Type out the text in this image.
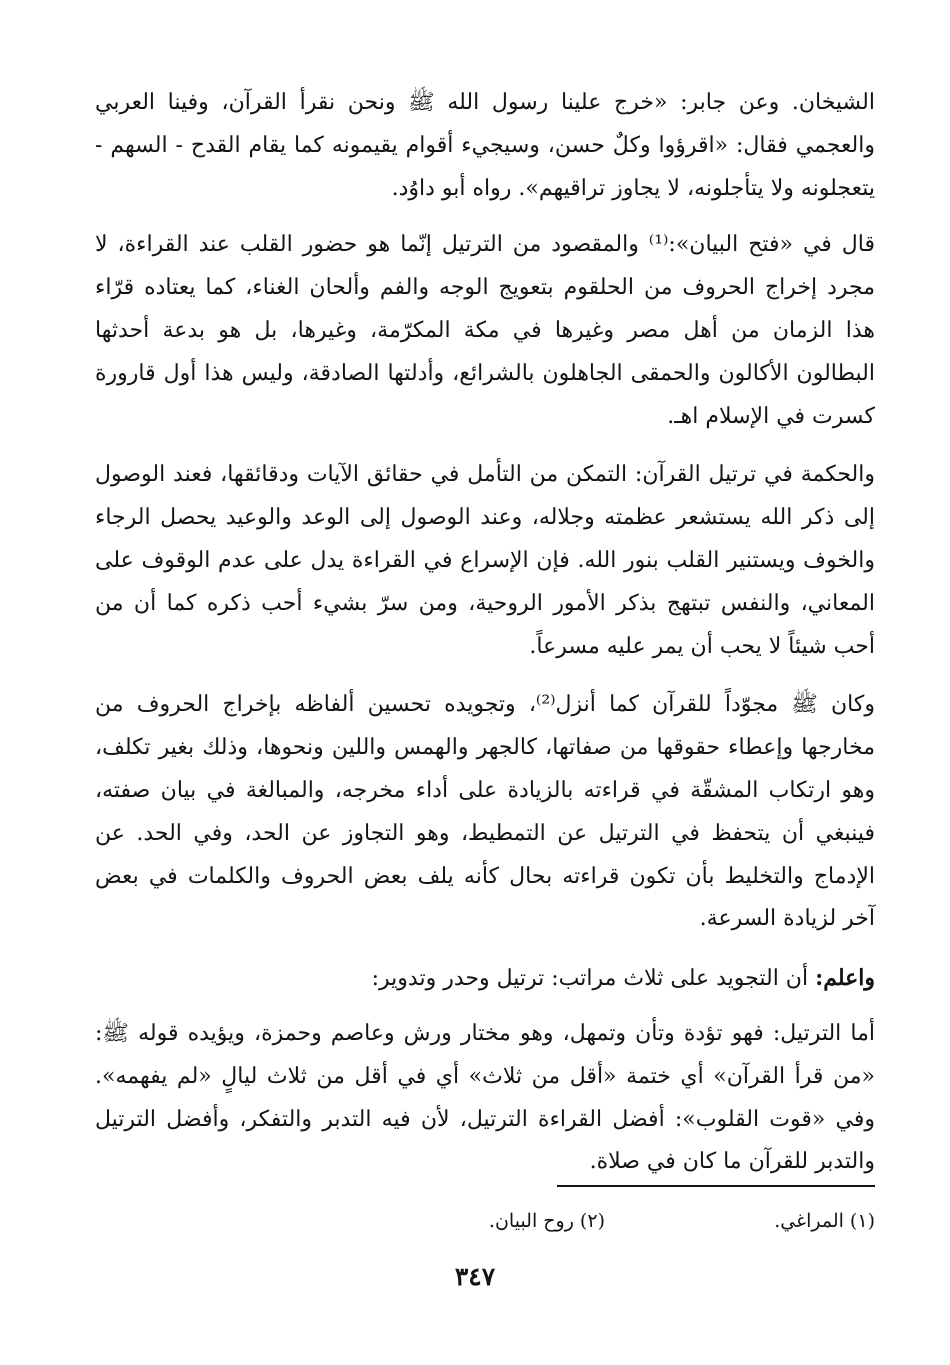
الشيخان. وعن جابر: «خرج علينا رسول الله ﷺ ونحن نقرأ القرآن، وفينا العربي والعجمي فقال: «اقرؤوا وكلٌ حسن، وسيجيء أقوام يقيمونه كما يقام القدح - السهم - يتعجلونه ولا يتأجلونه، لا يجاوز تراقيهم». رواه أبو داوُد.

قال في «فتح البيان»:⁽¹⁾ والمقصود من الترتيل إنّما هو حضور القلب عند القراءة، لا مجرد إخراج الحروف من الحلقوم بتعويج الوجه والفم وألحان الغناء، كما يعتاده قرّاء هذا الزمان من أهل مصر وغيرها في مكة المكرّمة، وغيرها، بل هو بدعة أحدثها البطالون الأكالون والحمقى الجاهلون بالشرائع، وأدلتها الصادقة، وليس هذا أول قارورة كسرت في الإسلام اهـ.

والحكمة في ترتيل القرآن: التمكن من التأمل في حقائق الآيات ودقائقها، فعند الوصول إلى ذكر الله يستشعر عظمته وجلاله، وعند الوصول إلى الوعد والوعيد يحصل الرجاء والخوف ويستنير القلب بنور الله. فإن الإسراع في القراءة يدل على عدم الوقوف على المعاني، والنفس تبتهج بذكر الأمور الروحية، ومن سرّ بشيء أحب ذكره كما أن من أحب شيئاً لا يحب أن يمر عليه مسرعاً.

وكان ﷺ مجوّداً للقرآن كما أنزل⁽²⁾، وتجويده تحسين ألفاظه بإخراج الحروف من مخارجها وإعطاء حقوقها من صفاتها، كالجهر والهمس واللين ونحوها، وذلك بغير تكلف، وهو ارتكاب المشقّة في قراءته بالزيادة على أداء مخرجه، والمبالغة في بيان صفته، فينبغي أن يتحفظ في الترتيل عن التمطيط، وهو التجاوز عن الحد، وفي الحد. عن الإدماج والتخليط بأن تكون قراءته بحال كأنه يلف بعض الحروف والكلمات في بعض آخر لزيادة السرعة.

واعلم: أن التجويد على ثلاث مراتب: ترتيل وحدر وتدوير:

أما الترتيل: فهو تؤدة وتأن وتمهل، وهو مختار ورش وعاصم وحمزة، ويؤيده قوله ﷺ: «من قرأ القرآن» أي ختمة «أقل من ثلاث» أي في أقل من ثلاث ليالٍ «لم يفهمه». وفي «قوت القلوب»: أفضل القراءة الترتيل، لأن فيه التدبر والتفكر، وأفضل الترتيل والتدبر للقرآن ما كان في صلاة.

(١) المراغي.
(٢) روح البيان.
٣٤٧
